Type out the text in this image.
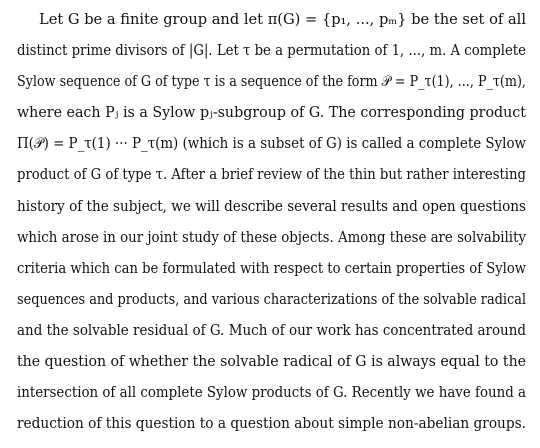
Let G be a finite group and let π(G) = {p₁, ..., pₘ} be the set of all
distinct prime divisors of |G|. Let τ be a permutation of 1, ..., m. A complete
Sylow sequence of G of type τ is a sequence of the form 𝒫 = P_τ(1), ..., P_τ(m),
where each Pⱼ is a Sylow pⱼ-subgroup of G. The corresponding product
Π(𝒫) = P_τ(1) ··· P_τ(m) (which is a subset of G) is called a complete Sylow
product of G of type τ. After a brief review of the thin but rather interesting
history of the subject, we will describe several results and open questions
which arose in our joint study of these objects. Among these are solvability
criteria which can be formulated with respect to certain properties of Sylow
sequences and products, and various characterizations of the solvable radical
and the solvable residual of G. Much of our work has concentrated around
the question of whether the solvable radical of G is always equal to the
intersection of all complete Sylow products of G. Recently we have found a
reduction of this question to a question about simple non-abelian groups.
